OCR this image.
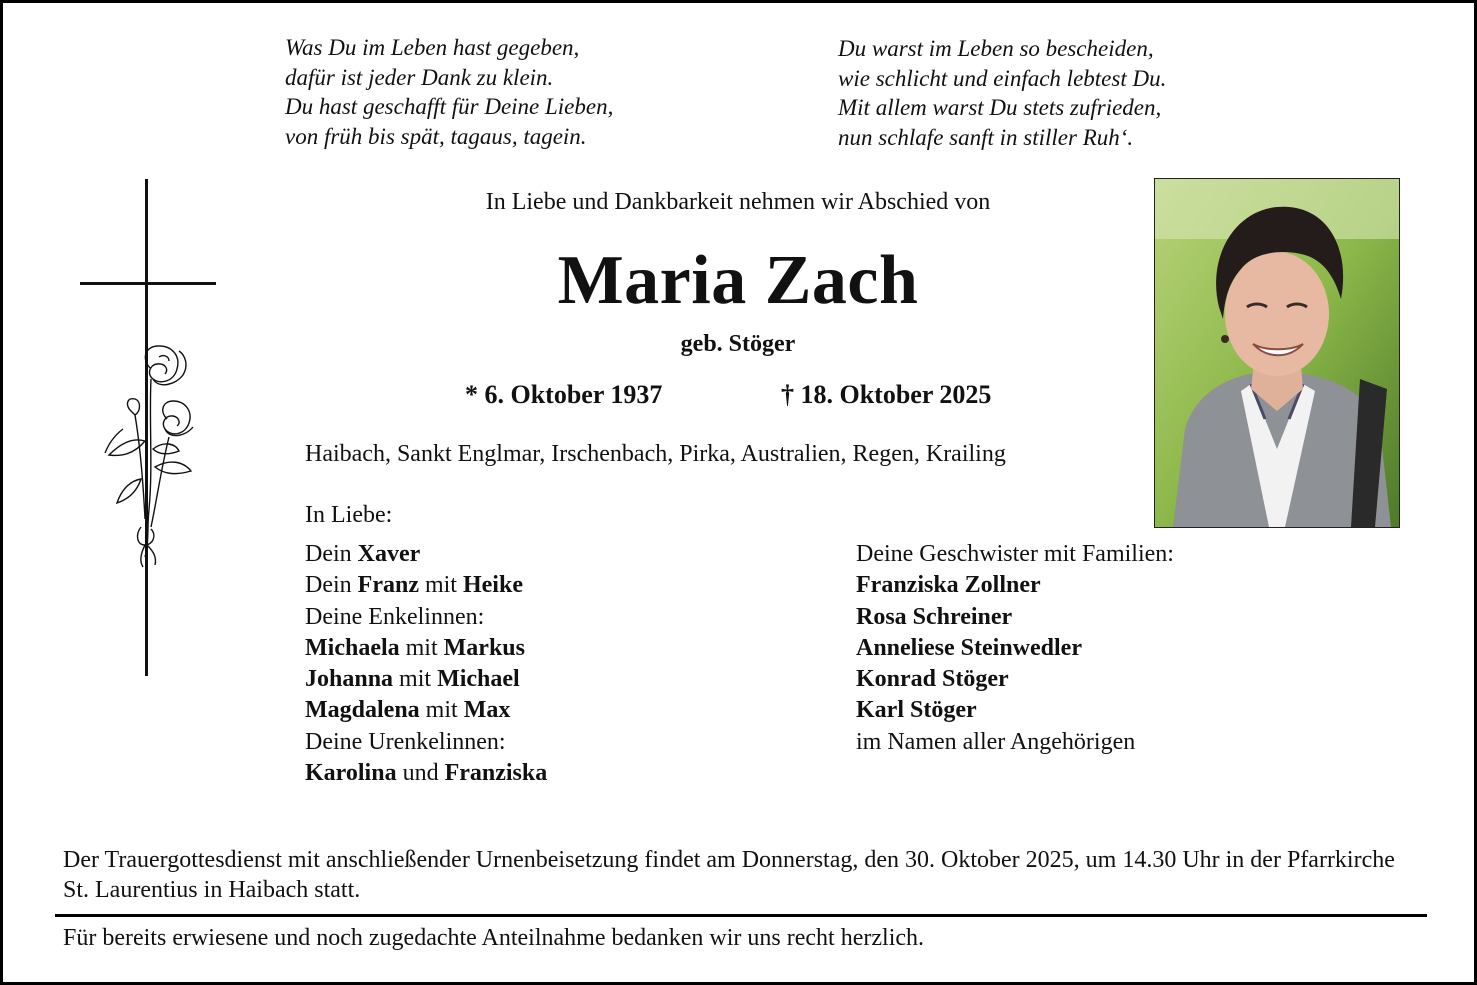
Was Du im Leben hast gegeben,
dafür ist jeder Dank zu klein.
Du hast geschafft für Deine Lieben,
von früh bis spät, tagaus, tagein.
Du warst im Leben so bescheiden,
wie schlicht und einfach lebtest Du.
Mit allem warst Du stets zufrieden,
nun schlafe sanft in stiller Ruh‘.
In Liebe und Dankbarkeit nehmen wir Abschied von
Maria Zach
geb. Stöger
* 6. Oktober 1937	† 18. Oktober 2025
Haibach, Sankt Englmar, Irschenbach, Pirka, Australien, Regen, Krailing
In Liebe:
Dein Xaver
Dein Franz mit Heike
Deine Enkelinnen:
Michaela mit Markus
Johanna mit Michael
Magdalena mit Max
Deine Urenkelinnen:
Karolina und Franziska
Deine Geschwister mit Familien:
Franziska Zollner
Rosa Schreiner
Anneliese Steinwedler
Konrad Stöger
Karl Stöger
im Namen aller Angehörigen
Der Trauergottesdienst mit anschließender Urnenbeisetzung findet am Donnerstag, den 30. Oktober 2025, um 14.30 Uhr in der Pfarrkirche St. Laurentius in Haibach statt.
Für bereits erwiesene und noch zugedachte Anteilnahme bedanken wir uns recht herzlich.
